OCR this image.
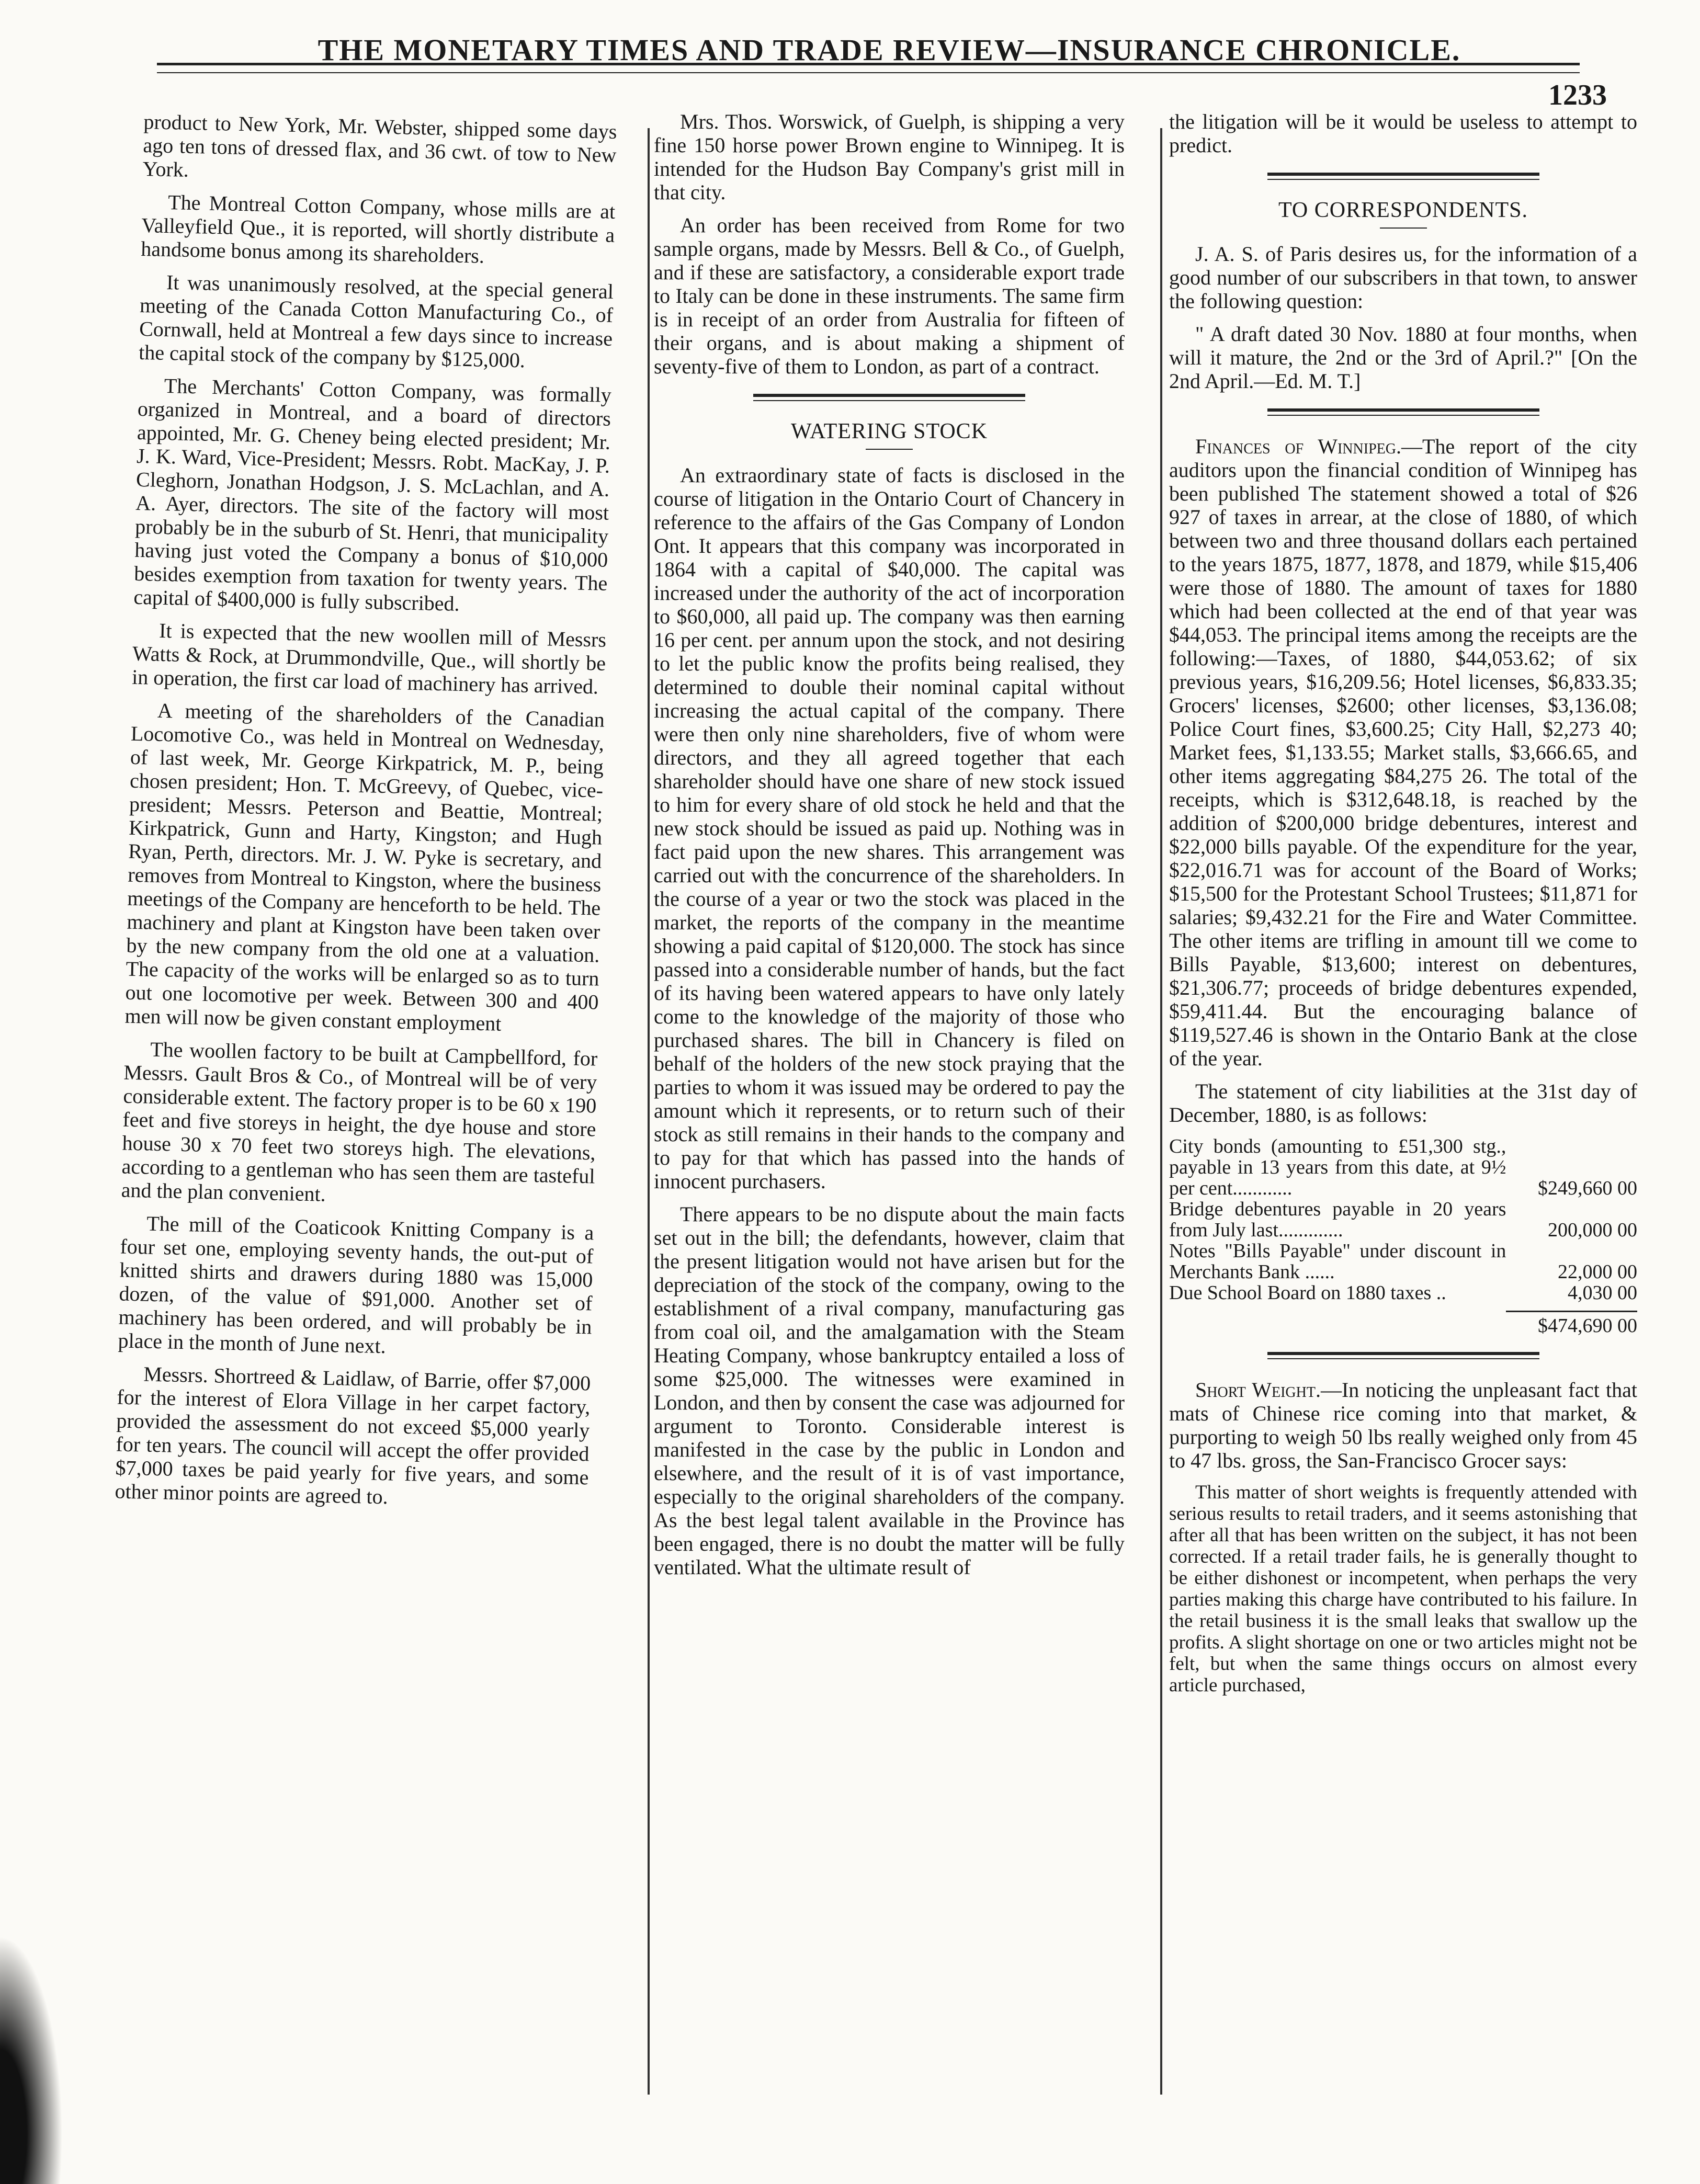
THE MONETARY TIMES AND TRADE REVIEW—INSURANCE CHRONICLE.
1233

product to New York, Mr. Webster, shipped some days ago ten tons of dressed flax, and 36 cwt. of tow to New York.

The Montreal Cotton Company, whose mills are at Valleyfield Que., it is reported, will shortly distribute a handsome bonus among its shareholders.

It was unanimously resolved, at the special general meeting of the Canada Cotton Manufacturing Co., of Cornwall, held at Montreal a few days since to increase the capital stock of the company by $125,000.

The Merchants' Cotton Company, was formally organized in Montreal, and a board of directors appointed, Mr. G. Cheney being elected president; Mr. J. K. Ward, Vice-President; Messrs. Robt. MacKay, J. P. Cleghorn, Jonathan Hodgson, J. S. McLachlan, and A. A. Ayer, directors. The site of the factory will most probably be in the suburb of St. Henri, that municipality having just voted the Company a bonus of $10,000 besides exemption from taxation for twenty years. The capital of $400,000 is fully subscribed.

It is expected that the new woollen mill of Messrs Watts & Rock, at Drummondville, Que., will shortly be in operation, the first car load of machinery has arrived.

A meeting of the shareholders of the Canadian Locomotive Co., was held in Montreal on Wednesday, of last week, Mr. George Kirkpatrick, M. P., being chosen president; Hon. T. McGreevy, of Quebec, vice-president; Messrs. Peterson and Beattie, Montreal; Kirkpatrick, Gunn and Harty, Kingston; and Hugh Ryan, Perth, directors. Mr. J. W. Pyke is secretary, and removes from Montreal to Kingston, where the business meetings of the Company are henceforth to be held. The machinery and plant at Kingston have been taken over by the new company from the old one at a valuation. The capacity of the works will be enlarged so as to turn out one locomotive per week. Between 300 and 400 men will now be given constant employment

The woollen factory to be built at Campbellford, for Messrs. Gault Bros & Co., of Montreal will be of very considerable extent. The factory proper is to be 60 x 190 feet and five storeys in height, the dye house and store house 30 x 70 feet two storeys high. The elevations, according to a gentleman who has seen them are tasteful and the plan convenient.

The mill of the Coaticook Knitting Company is a four set one, employing seventy hands, the out-put of knitted shirts and drawers during 1880 was 15,000 dozen, of the value of $91,000. Another set of machinery has been ordered, and will probably be in place in the month of June next.

Messrs. Shortreed & Laidlaw, of Barrie, offer $7,000 for the interest of Elora Village in her carpet factory, provided the assessment do not exceed $5,000 yearly for ten years. The council will accept the offer provided $7,000 taxes be paid yearly for five years, and some other minor points are agreed to.

Mrs. Thos. Worswick, of Guelph, is shipping a very fine 150 horse power Brown engine to Winnipeg. It is intended for the Hudson Bay Company's grist mill in that city.

An order has been received from Rome for two sample organs, made by Messrs. Bell & Co., of Guelph, and if these are satisfactory, a considerable export trade to Italy can be done in these instruments. The same firm is in receipt of an order from Australia for fifteen of their organs, and is about making a shipment of seventy-five of them to London, as part of a contract.

WATERING STOCK

An extraordinary state of facts is disclosed in the course of litigation in the Ontario Court of Chancery in reference to the affairs of the Gas Company of London Ont. It appears that this company was incorporated in 1864 with a capital of $40,000. The capital was increased under the authority of the act of incorporation to $60,000, all paid up. The company was then earning 16 per cent. per annum upon the stock, and not desiring to let the public know the profits being realised, they determined to double their nominal capital without increasing the actual capital of the company. There were then only nine shareholders, five of whom were directors, and they all agreed together that each shareholder should have one share of new stock issued to him for every share of old stock he held and that the new stock should be issued as paid up. Nothing was in fact paid upon the new shares. This arrangement was carried out with the concurrence of the shareholders. In the course of a year or two the stock was placed in the market, the reports of the company in the meantime showing a paid capital of $120,000. The stock has since passed into a considerable number of hands, but the fact of its having been watered appears to have only lately come to the knowledge of the majority of those who purchased shares. The bill in Chancery is filed on behalf of the holders of the new stock praying that the parties to whom it was issued may be ordered to pay the amount which it represents, or to return such of their stock as still remains in their hands to the company and to pay for that which has passed into the hands of innocent purchasers.

There appears to be no dispute about the main facts set out in the bill; the defendants, however, claim that the present litigation would not have arisen but for the depreciation of the stock of the company, owing to the establishment of a rival company, manufacturing gas from coal oil, and the amalgamation with the Steam Heating Company, whose bankruptcy entailed a loss of some $25,000. The witnesses were examined in London, and then by consent the case was adjourned for argument to Toronto. Considerable interest is manifested in the case by the public in London and elsewhere, and the result of it is of vast importance, especially to the original shareholders of the company. As the best legal talent available in the Province has been engaged, there is no doubt the matter will be fully ventilated. What the ultimate result of

the litigation will be it would be useless to attempt to predict.

TO CORRESPONDENTS.

J. A. S. of Paris desires us, for the information of a good number of our subscribers in that town, to answer the following question:

" A draft dated 30 Nov. 1880 at four months, when will it mature, the 2nd or the 3rd of April.?" [On the 2nd April.—Ed. M. T.]

Finances of Winnipeg.—The report of the city auditors upon the financial condition of Winnipeg has been published The statement showed a total of $26 927 of taxes in arrear, at the close of 1880, of which between two and three thousand dollars each pertained to the years 1875, 1877, 1878, and 1879, while $15,406 were those of 1880. The amount of taxes for 1880 which had been collected at the end of that year was $44,053. The principal items among the receipts are the following:—Taxes, of 1880, $44,053.62; of six previous years, $16,209.56; Hotel licenses, $6,833.35; Grocers' licenses, $2600; other licenses, $3,136.08; Police Court fines, $3,600.25; City Hall, $2,273 40; Market fees, $1,133.55; Market stalls, $3,666.65, and other items aggregating $84,275 26. The total of the receipts, which is $312,648.18, is reached by the addition of $200,000 bridge debentures, interest and $22,000 bills payable. Of the expenditure for the year, $22,016.71 was for account of the Board of Works; $15,500 for the Protestant School Trustees; $11,871 for salaries; $9,432.21 for the Fire and Water Committee. The other items are trifling in amount till we come to Bills Payable, $13,600; interest on debentures, $21,306.77; proceeds of bridge debentures expended, $59,411.44. But the encouraging balance of $119,527.46 is shown in the Ontario Bank at the close of the year.

The statement of city liabilities at the 31st day of December, 1880, is as follows:

City bonds (amounting to £51,300 stg., payable in 13 years from this date, at 9½ per cent............	$249,660 00
Bridge debentures payable in 20 years from July last.............	200,000 00
Notes "Bills Payable" under discount in Merchants Bank ......	22,000 00
Due School Board on 1880 taxes ..	4,030 00

	$474,690 00

Short Weight.—In noticing the unpleasant fact that mats of Chinese rice coming into that market, & purporting to weigh 50 lbs really weighed only from 45 to 47 lbs. gross, the San-Francisco Grocer says:

This matter of short weights is frequently attended with serious results to retail traders, and it seems astonishing that after all that has been written on the subject, it has not been corrected. If a retail trader fails, he is generally thought to be either dishonest or incompetent, when perhaps the very parties making this charge have contributed to his failure. In the retail business it is the small leaks that swallow up the profits. A slight shortage on one or two articles might not be felt, but when the same things occurs on almost every article purchased,
